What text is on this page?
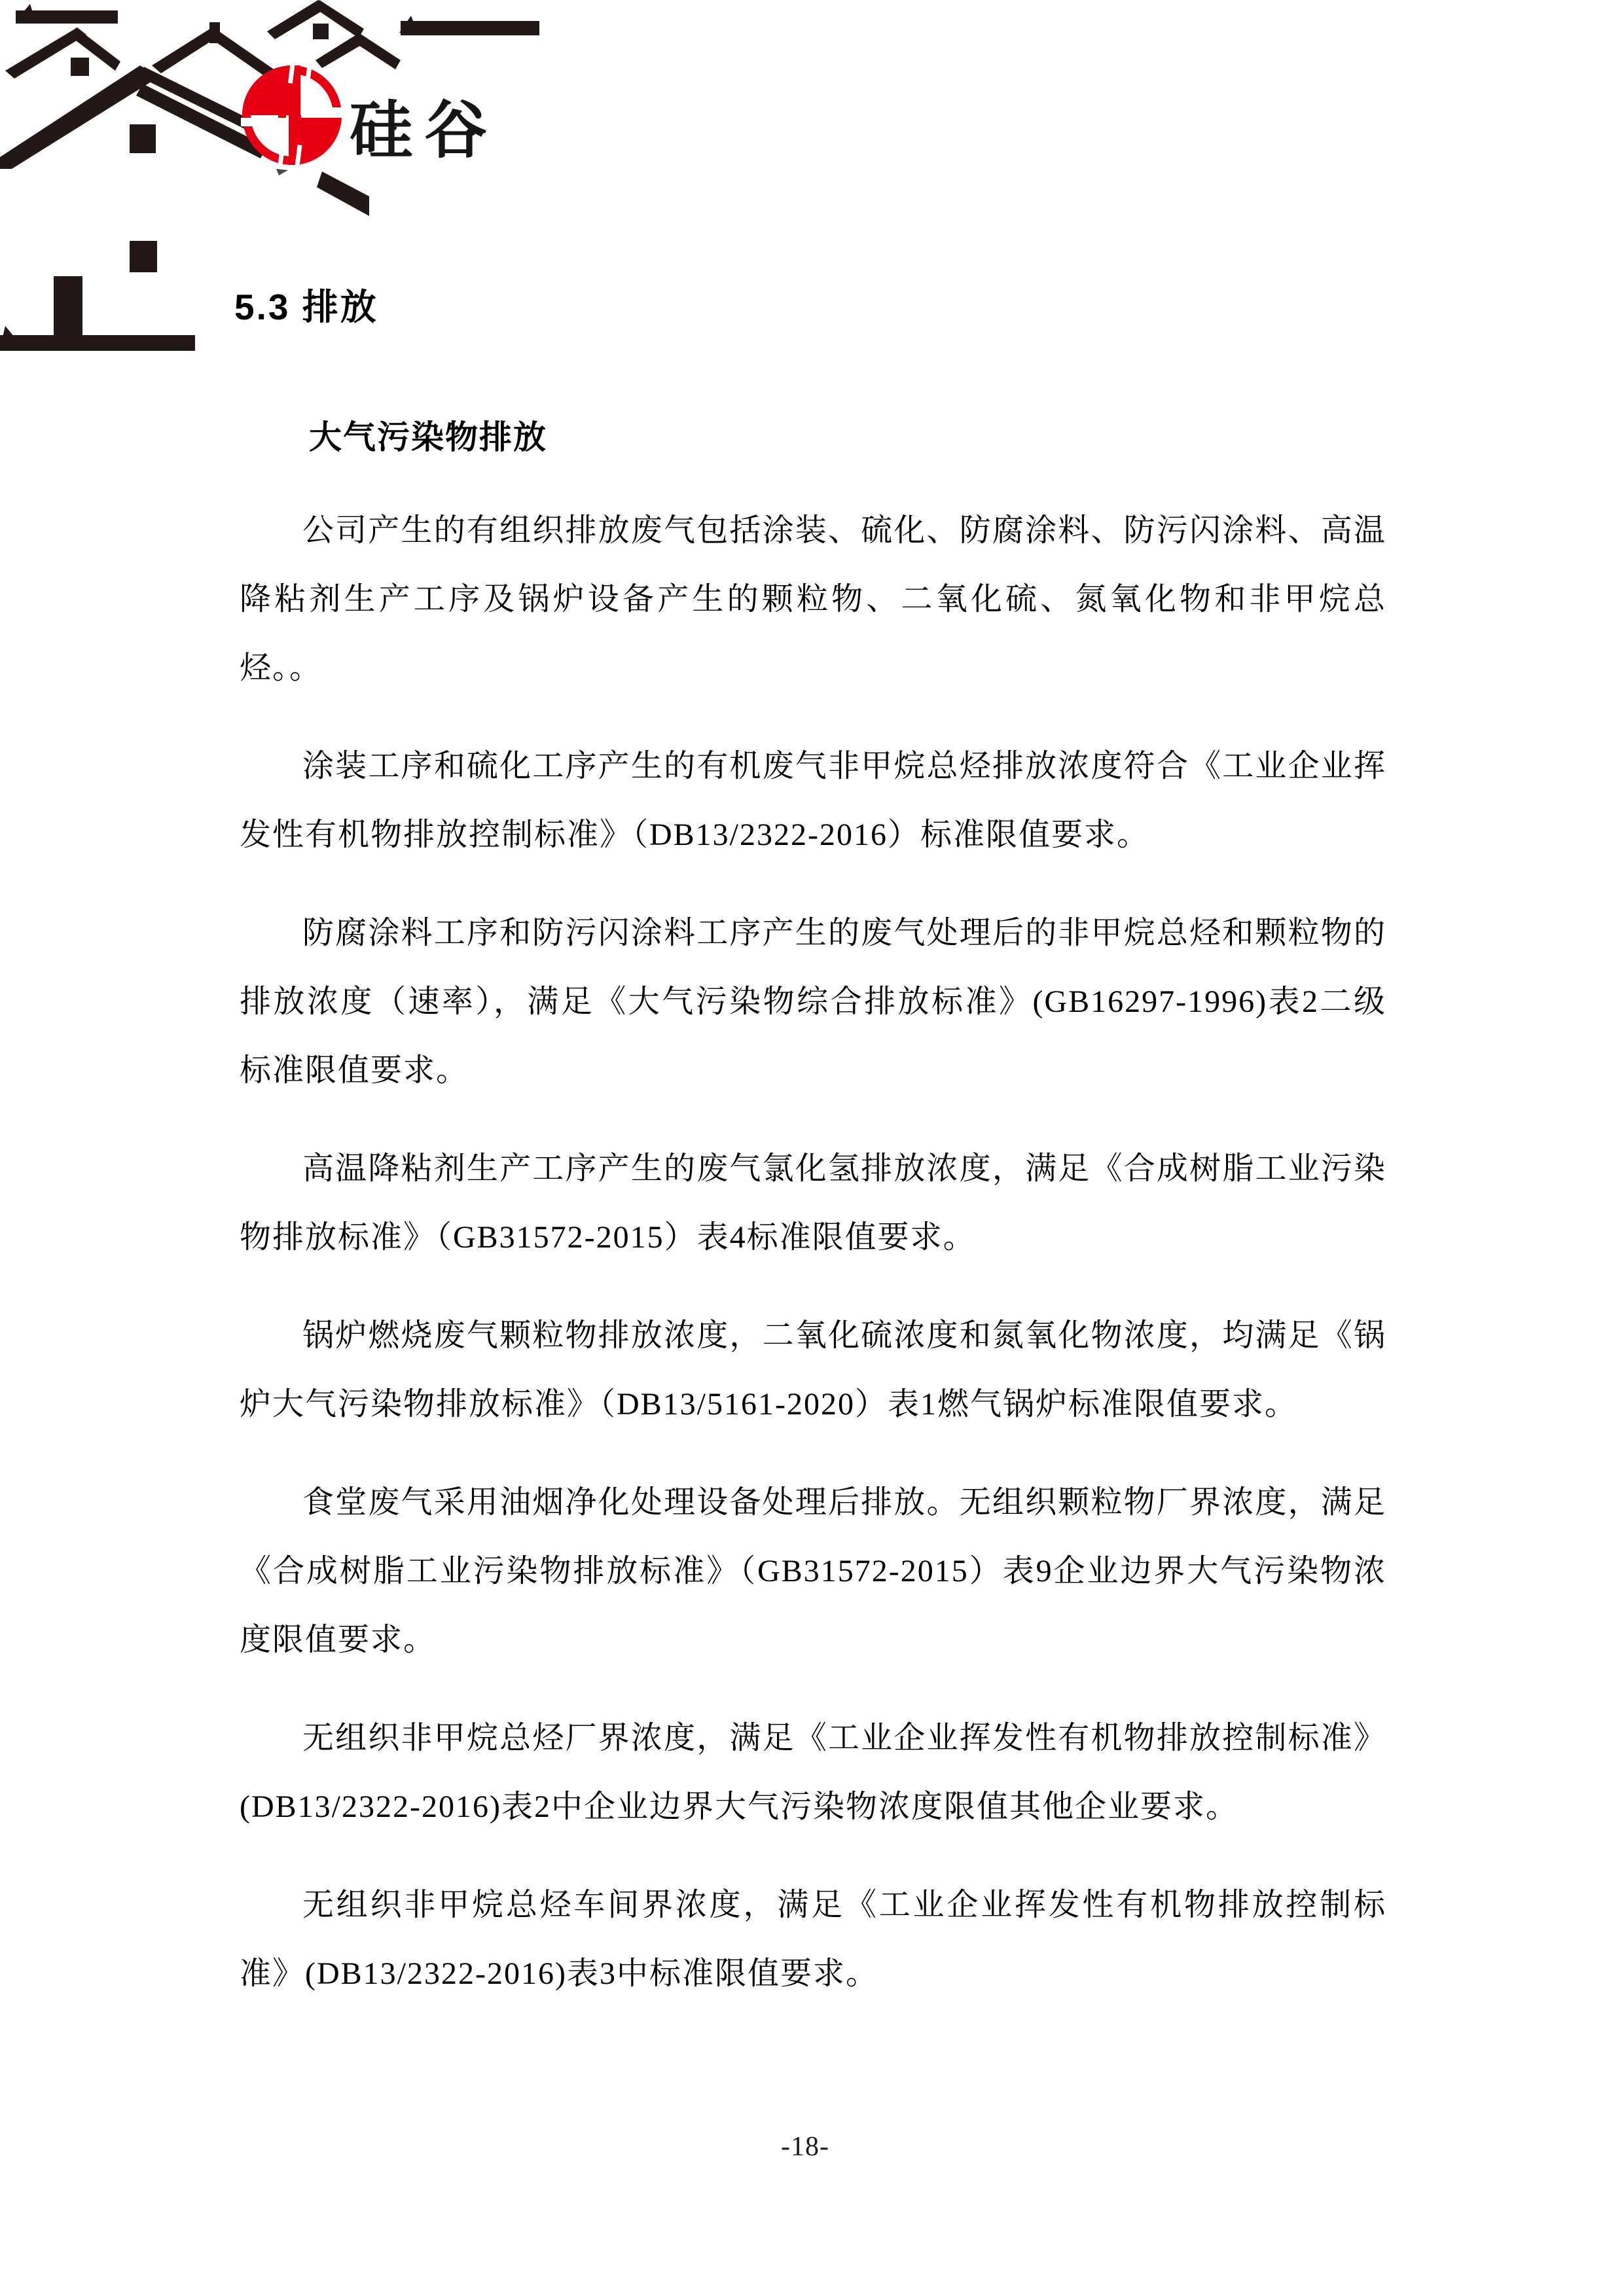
硅谷
5.3 排放
大气污染物排放

公司产生的有组织排放废气包括涂装、硫化、防腐涂料、防污闪涂料、高温降粘剂生产工序及锅炉设备产生的颗粒物、二氧化硫、氮氧化物和非甲烷总烃。。

涂装工序和硫化工序产生的有机废气非甲烷总烃排放浓度符合《工业企业挥发性有机物排放控制标准》（DB13/2322-2016）标准限值要求。

防腐涂料工序和防污闪涂料工序产生的废气处理后的非甲烷总烃和颗粒物的排放浓度（速率），满足《大气污染物综合排放标准》(GB16297-1996)表2二级标准限值要求。

高温降粘剂生产工序产生的废气氯化氢排放浓度，满足《合成树脂工业污染物排放标准》（GB31572-2015）表4标准限值要求。

锅炉燃烧废气颗粒物排放浓度，二氧化硫浓度和氮氧化物浓度，均满足《锅炉大气污染物排放标准》（DB13/5161-2020）表1燃气锅炉标准限值要求。

食堂废气采用油烟净化处理设备处理后排放。无组织颗粒物厂界浓度，满足《合成树脂工业污染物排放标准》（GB31572-2015）表9企业边界大气污染物浓度限值要求。

无组织非甲烷总烃厂界浓度，满足《工业企业挥发性有机物排放控制标准》(DB13/2322-2016)表2中企业边界大气污染物浓度限值其他企业要求。

无组织非甲烷总烃车间界浓度，满足《工业企业挥发性有机物排放控制标准》(DB13/2322-2016)表3中标准限值要求。

-18-
